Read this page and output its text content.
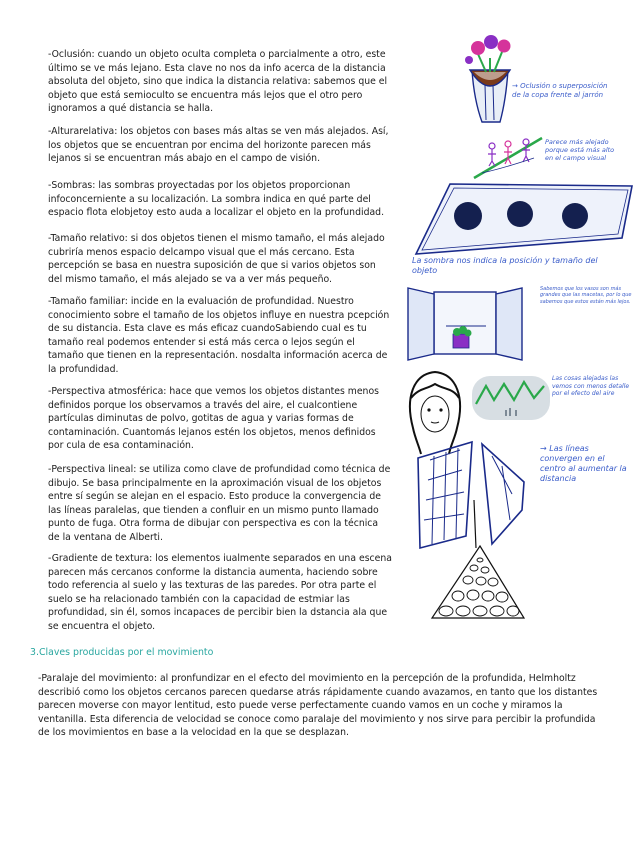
-Oclusión: cuando un objeto oculta completa o parcialmente a otro, este último se ve más lejano. Esta clave no nos da info acerca de la distancia absoluta del objeto, sino que indica la distancia relativa: sabemos que el objeto que está semioculto se encuentra más lejos que el otro pero ignoramos a qué distancia se halla.

-Alturarelativa: los objetos con bases más altas se ven más alejados. Así, los objetos que se encuentran por encima del horizonte parecen más lejanos si se encuentran más abajo en el campo de visión.

-Sombras: las sombras proyectadas por los objetos proporcionan infoconcerniente a su localización. La sombra indica en qué parte del espacio flota elobjetoy esto auda a localizar el objeto en la profundidad.

-Tamaño relativo: si dos objetos tienen el mismo tamaño, el más alejado cubriría menos espacio delcampo visual que el más cercano. Esta percepción se basa en nuestra suposición de que si varios objetos son del mismo tamaño, el más alejado se va a ver más pequeño.

-Tamaño familiar: incide en la evaluación de profundidad. Nuestro conocimiento sobre el tamaño de los objetos influye en nuestra pcepción de su distancia. Esta clave es más eficaz cuandoSabiendo cual es tu tamaño real podemos entender si está más cerca o lejos según el tamaño que tienen en la representación. nosdalta información acerca de la profundidad.

-Perspectiva atmosférica: hace que vemos los objetos distantes menos definidos porque los observamos a través del aire, el cualcontiene partículas diminutas de polvo, gotitas de agua y varias formas de contaminación. Cuantomás lejanos estén los objetos, menos definidos por cula de esa contaminación.

-Perspectiva lineal: se utiliza como clave de profundidad como técnica de dibujo. Se basa principalmente en la aproximación visual de los objetos entre sí según se alejan en el espacio. Esto produce la convergencia de las líneas paralelas, que tienden a confluir en un mismo punto llamado punto de fuga. Otra forma de dibujar con perspectiva es con la técnica de la ventana de Alberti.

-Gradiente de textura: los elementos iualmente separados en una escena parecen más cercanos conforme la distancia aumenta, haciendo sobre todo referencia al suelo y las texturas de las paredes. Por otra parte el suelo se ha relacionado también con la capacidad de estmiar las profundidad, sin él, somos incapaces de percibir bien la dstancia ala que se encuentra el objeto.

3.Claves producidas por el movimiento

-Paralaje del movimiento: al pronfundizar en el efecto del movimiento en la percepción de la profundida, Helmholtz describió como los objetos cercanos parecen quedarse atrás rápidamente cuando avazamos, en tanto que los distantes parecen moverse con mayor lentitud, esto puede verse perfectamente cuando vamos en un coche y miramos la ventanilla. Esta diferencia de velocidad se conoce como paralaje del movimiento y nos sirve para percibir la profundida de los movimientos en base a la velocidad en la que se desplazan.

→ Oclusión o superposición de la copa frente al jarrón

Parece más alejado porque está más alto en el campo visual

La sombra nos indica la posición y tamaño del objeto

Sabemos que los vasos son más grandes que las macetas, por lo que sabemos que estos están más lejos.

Las cosas alejadas las vemos con menos detalle por el efecto del aire

→ Las líneas convergen en el centro al aumentar la distancia
